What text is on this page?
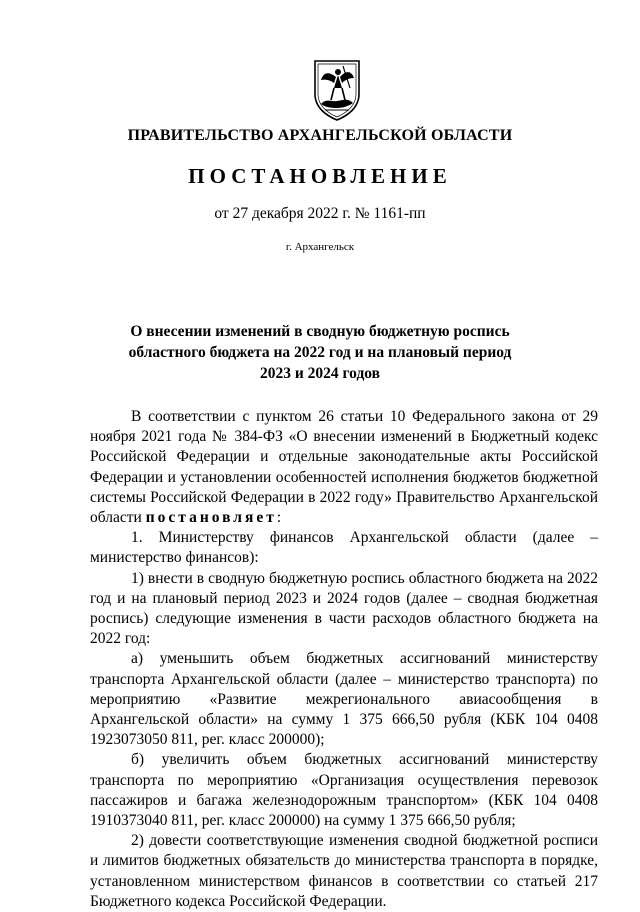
ПРАВИТЕЛЬСТВО АРХАНГЕЛЬСКОЙ ОБЛАСТИ
ПОСТАНОВЛЕНИЕ
от 27 декабря 2022 г. № 1161-пп
г. Архангельск
О внесении изменений в сводную бюджетную роспись
областного бюджета на 2022 год и на плановый период
2023 и 2024 годов

В соответствии с пунктом 26 статьи 10 Федерального закона от 29 ноября 2021 года № 384-ФЗ «О внесении изменений в Бюджетный кодекс Российской Федерации и отдельные законодательные акты Российской Федерации и установлении особенностей исполнения бюджетов бюджетной системы Российской Федерации в 2022 году» Правительство Архангельской области постановляет:

1. Министерству финансов Архангельской области (далее – министерство финансов):

1) внести в сводную бюджетную роспись областного бюджета на 2022 год и на плановый период 2023 и 2024 годов (далее – сводная бюджетная роспись) следующие изменения в части расходов областного бюджета на 2022 год:

а) уменьшить объем бюджетных ассигнований министерству транспорта Архангельской области (далее – министерство транспорта) по мероприятию «Развитие межрегионального авиасообщения в Архангельской области» на сумму 1 375 666,50 рубля (КБК 104 0408 1923073050 811, рег. класс 200000);

б) увеличить объем бюджетных ассигнований министерству транспорта по мероприятию «Организация осуществления перевозок пассажиров и багажа железнодорожным транспортом» (КБК 104 0408 1910373040 811, рег. класс 200000) на сумму 1 375 666,50 рубля;

2) довести соответствующие изменения сводной бюджетной росписи и лимитов бюджетных обязательств до министерства транспорта в порядке, установленном министерством финансов в соответствии со статьей 217 Бюджетного кодекса Российской Федерации.
